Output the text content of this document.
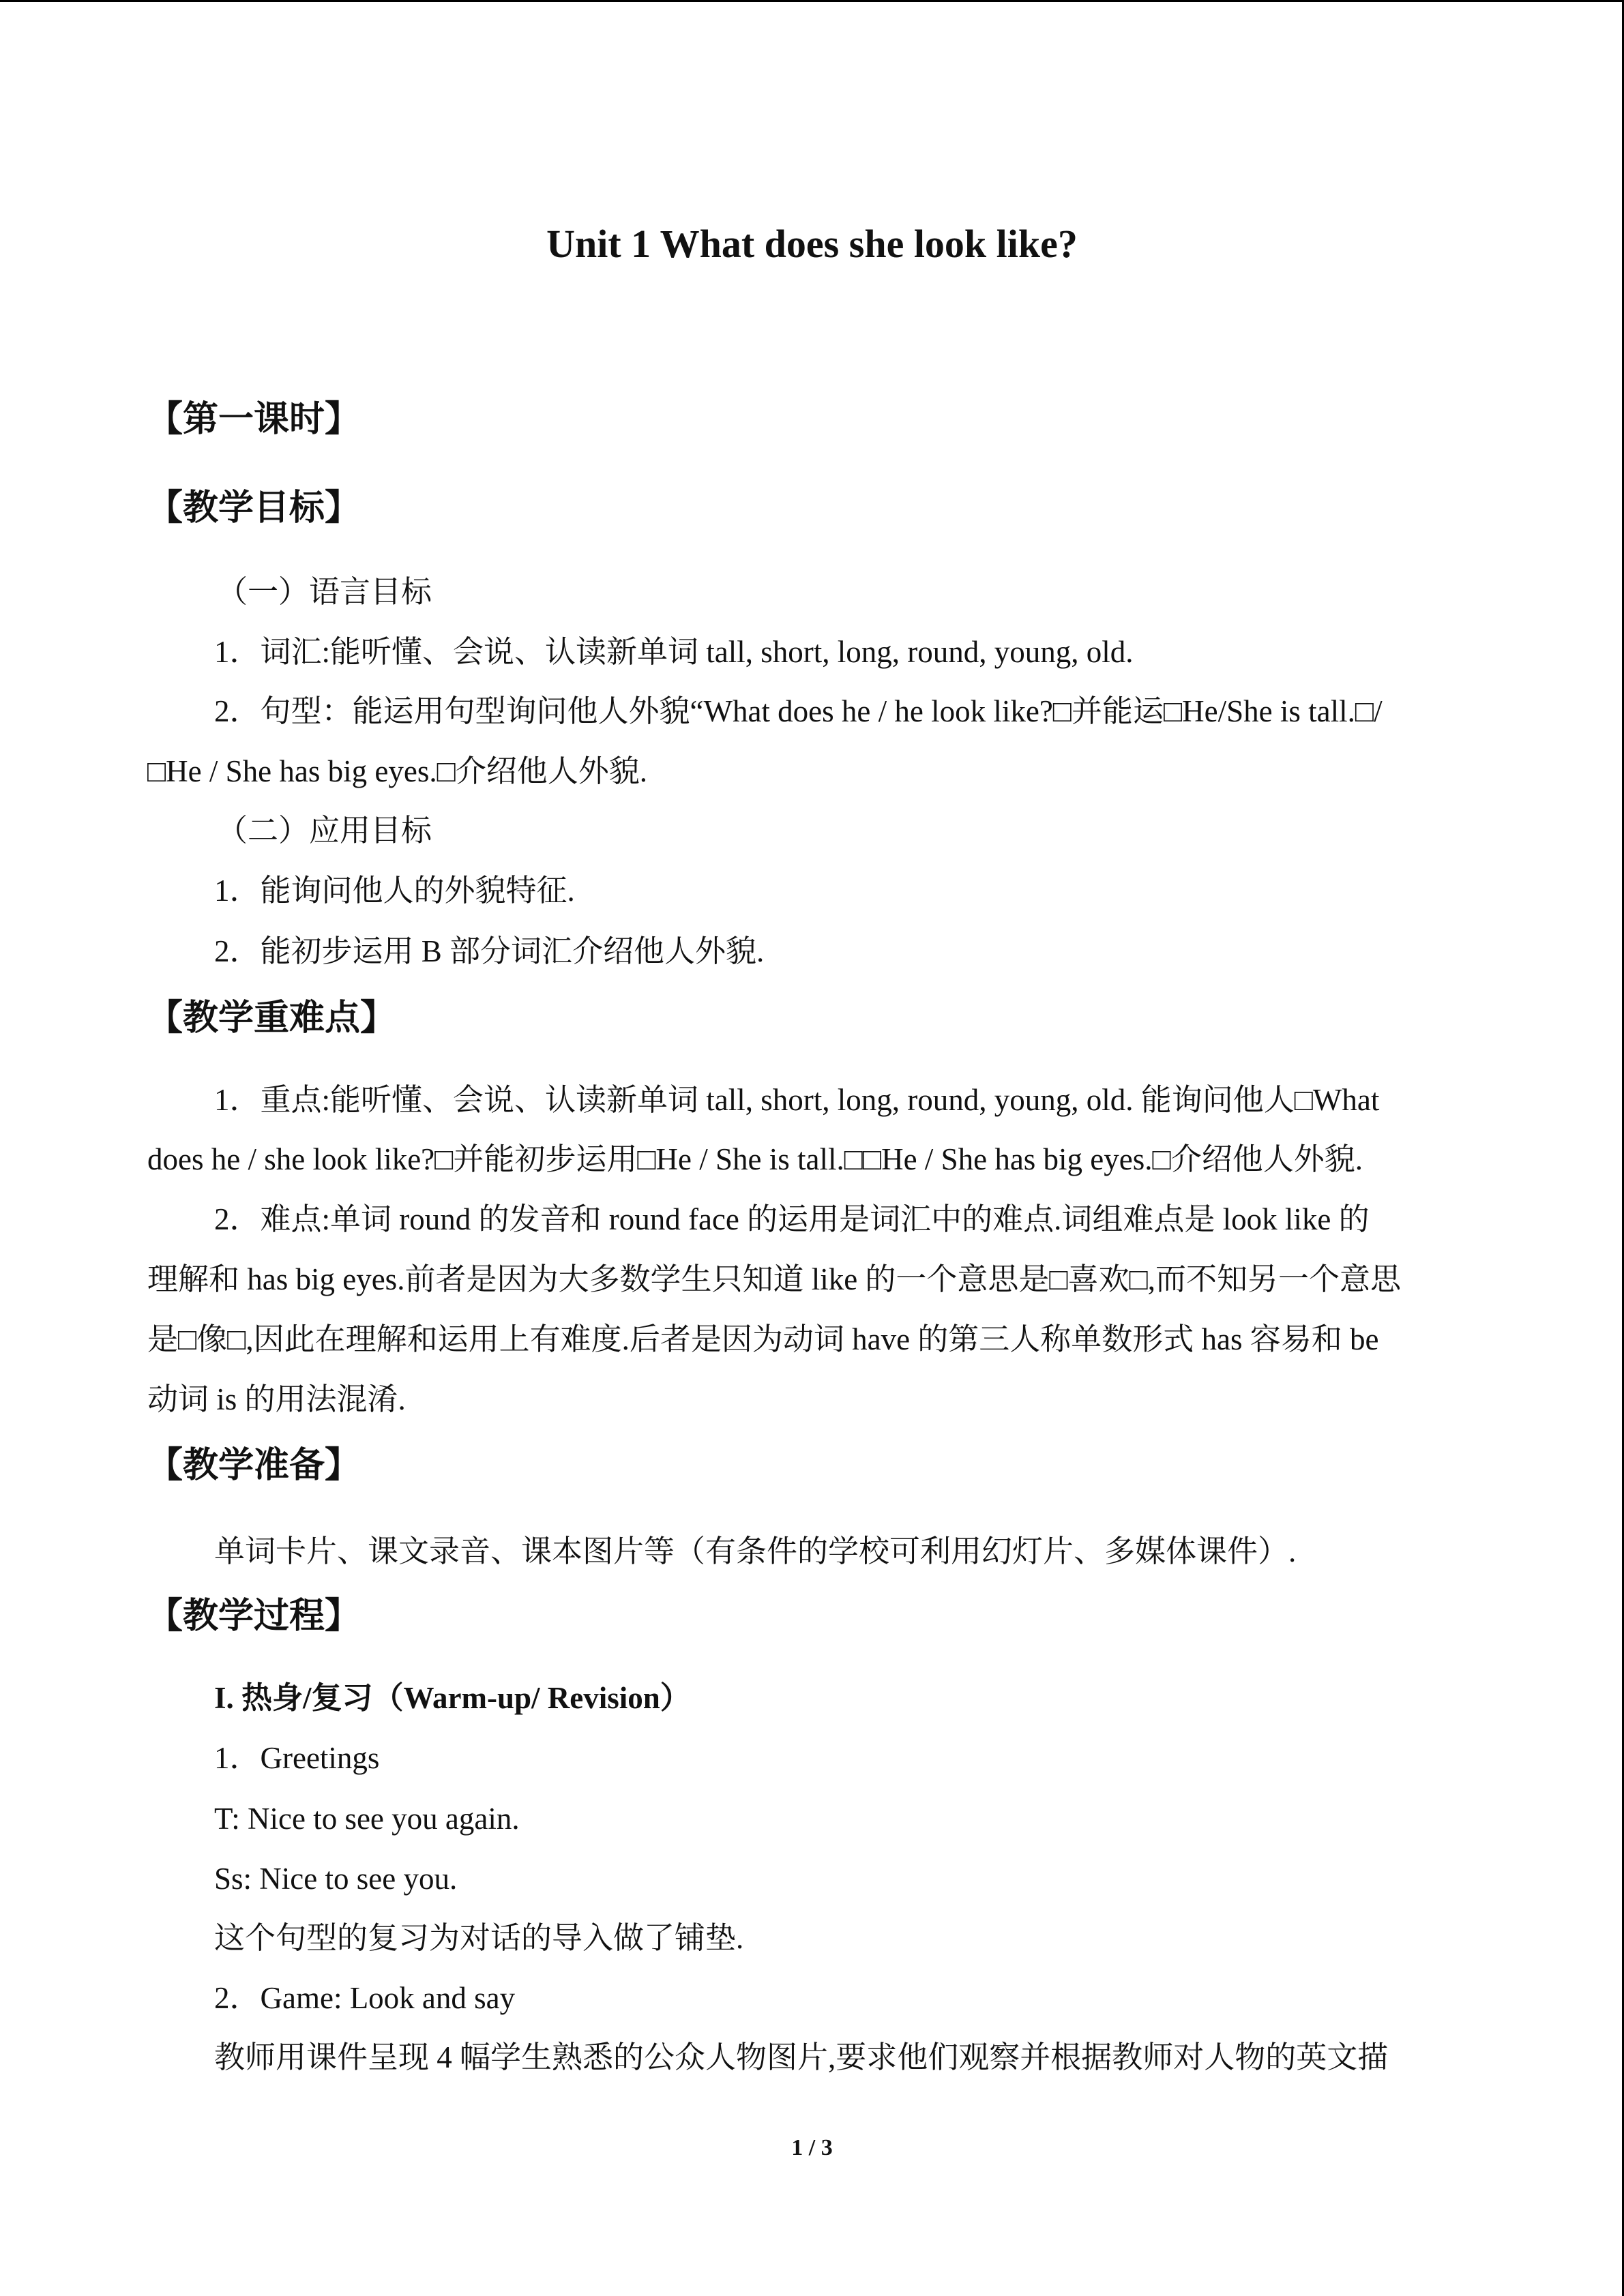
Unit 1 What does she look like?
【第一课时】
【教学目标】
（一）语言目标
1．词汇:能听懂、会说、认读新单词 tall, short, long, round, young, old.
2．句型：能运用句型询问他人外貌“What does he / he look like?□并能运□He/She is tall.□/
□He / She has big eyes.□介绍他人外貌.
（二）应用目标
1．能询问他人的外貌特征.
2．能初步运用 B 部分词汇介绍他人外貌.
【教学重难点】
1．重点:能听懂、会说、认读新单词 tall, short, long, round, young, old. 能询问他人□What
does he / she look like?□并能初步运用□He / She is tall.□□He / She has big eyes.□介绍他人外貌.
2．难点:单词 round 的发音和 round face 的运用是词汇中的难点.词组难点是 look like 的
理解和 has big eyes.前者是因为大多数学生只知道 like 的一个意思是□喜欢□,而不知另一个意思
是□像□,因此在理解和运用上有难度.后者是因为动词 have 的第三人称单数形式 has 容易和 be
动词 is 的用法混淆.
【教学准备】
单词卡片、课文录音、课本图片等（有条件的学校可利用幻灯片、多媒体课件）.
【教学过程】
I. 热身/复习（Warm-up/ Revision）
1．Greetings
T: Nice to see you again.
Ss: Nice to see you.
这个句型的复习为对话的导入做了铺垫.
2．Game: Look and say
教师用课件呈现 4 幅学生熟悉的公众人物图片,要求他们观察并根据教师对人物的英文描
1 / 3
